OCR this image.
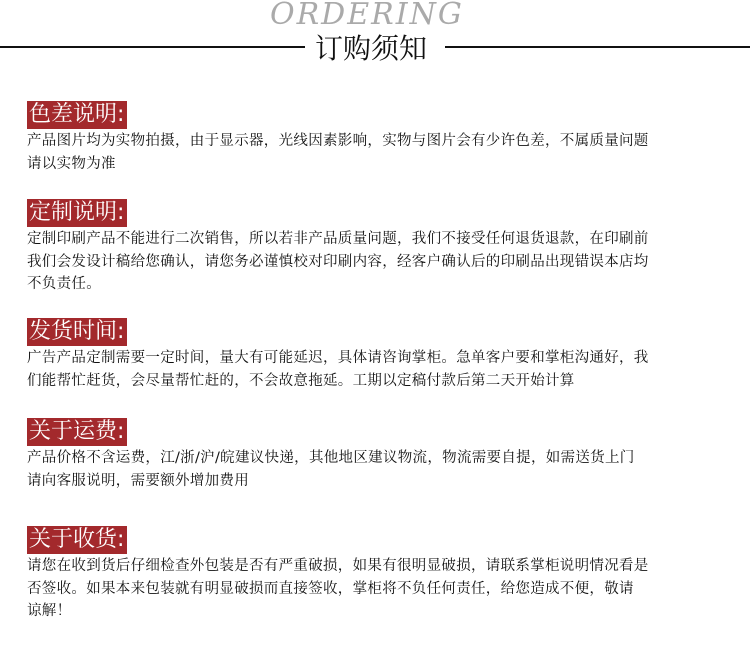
ORDERING
订购须知
色差说明:
产品图片均为实物拍摄，由于显示器，光线因素影响，实物与图片会有少许色差，不属质量问题
请以实物为准
定制说明:
定制印刷产品不能进行二次销售，所以若非产品质量问题，我们不接受任何退货退款，在印刷前
我们会发设计稿给您确认，请您务必谨慎校对印刷内容，经客户确认后的印刷品出现错误本店均
不负责任。
发货时间:
广告产品定制需要一定时间，量大有可能延迟，具体请咨询掌柜。急单客户要和掌柜沟通好，我
们能帮忙赶货，会尽量帮忙赶的，不会故意拖延。工期以定稿付款后第二天开始计算
关于运费:
产品价格不含运费，江/浙/沪/皖建议快递，其他地区建议物流，物流需要自提，如需送货上门
请向客服说明，需要额外增加费用
关于收货:
请您在收到货后仔细检查外包装是否有严重破损，如果有很明显破损，请联系掌柜说明情况看是
否签收。如果本来包装就有明显破损而直接签收，掌柜将不负任何责任，给您造成不便，敬请
谅解！
